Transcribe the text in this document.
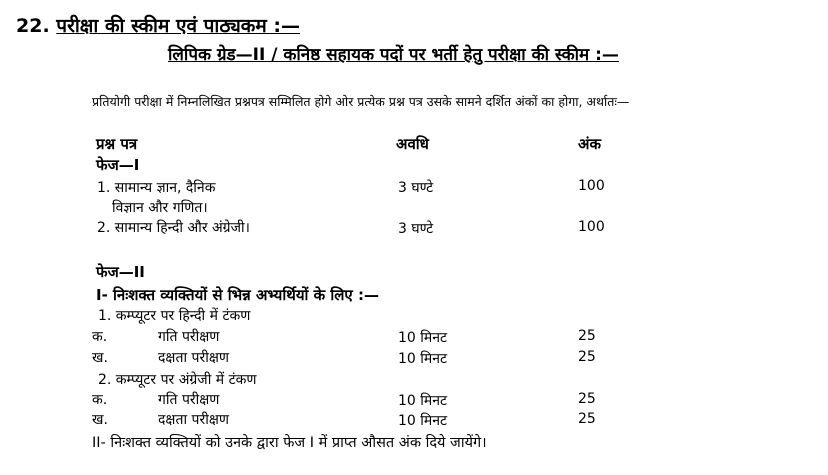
22. परीक्षा की स्कीम एवं पाठ्यकम :—
लिपिक ग्रेड—II / कनिष्ठ सहायक पदों पर भर्ती हेतु परीक्षा की स्कीम :—
प्रतियोगी परीक्षा में निम्नलिखित प्रश्नपत्र सम्मिलित होगे ओर प्रत्येक प्रश्न पत्र उसके सामने दर्शित अंकों का होगा, अर्थातः—
प्रश्न पत्र	अवधि	अंक
फेज—I
1. सामान्य ज्ञान, दैनिक
विज्ञान और गणित।
3 घण्टे	100
2. सामान्य हिन्दी और अंग्रेजी।	3 घण्टे	100
फेज—II
I- निःशक्त व्यक्तियों से भिन्न अभ्यर्थियों के लिए :—
1. कम्प्यूटर पर हिन्दी में टंकण
क.	गति परीक्षण	10 मिनट	25
ख.	दक्षता परीक्षण	10 मिनट	25
2. कम्प्यूटर पर अंग्रेजी में टंकण
क.	गति परीक्षण	10 मिनट	25
ख.	दक्षता परीक्षण	10 मिनट	25
II- निःशक्त व्यक्तियों को उनके द्वारा फेज I में प्राप्त औसत अंक दिये जायेंगे।
